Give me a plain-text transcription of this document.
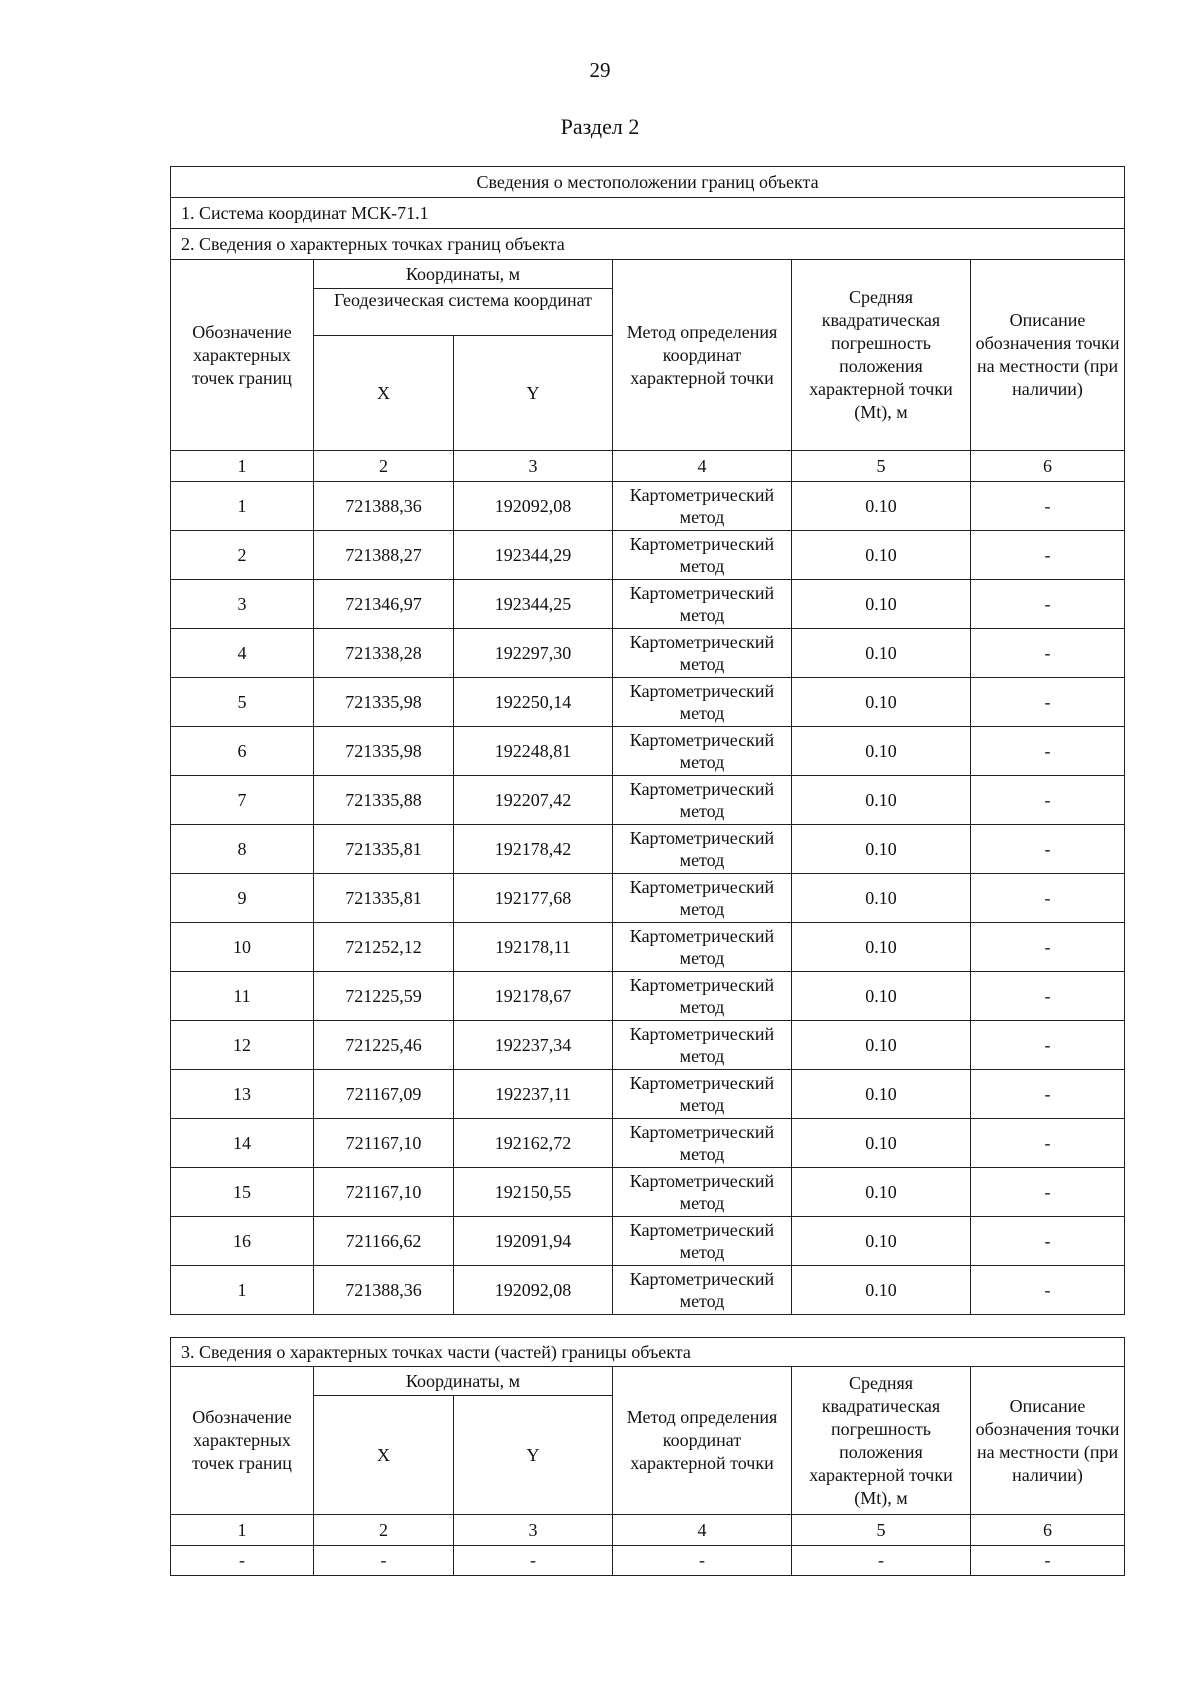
29
Раздел 2
Сведения о местоположении границ объекта					
1. Система координат МСК-71.1					
2. Сведения о характерных точках границ объекта					
Обозначение характерных точек границ	Координаты, м		Метод определения координат характерной точки	Средняя квадратическая погрешность положения характерной точки (Mt), м	Описание обозначения точки на местности (при наличии)
	Геодезическая система координат				
	X	Y			
1	2	3	4	5	6
1	721388,36	192092,08	Картометрический метод	0.10	-
2	721388,27	192344,29	Картометрический метод	0.10	-
3	721346,97	192344,25	Картометрический метод	0.10	-
4	721338,28	192297,30	Картометрический метод	0.10	-
5	721335,98	192250,14	Картометрический метод	0.10	-
6	721335,98	192248,81	Картометрический метод	0.10	-
7	721335,88	192207,42	Картометрический метод	0.10	-
8	721335,81	192178,42	Картометрический метод	0.10	-
9	721335,81	192177,68	Картометрический метод	0.10	-
10	721252,12	192178,11	Картометрический метод	0.10	-
11	721225,59	192178,67	Картометрический метод	0.10	-
12	721225,46	192237,34	Картометрический метод	0.10	-
13	721167,09	192237,11	Картометрический метод	0.10	-
14	721167,10	192162,72	Картометрический метод	0.10	-
15	721167,10	192150,55	Картометрический метод	0.10	-
16	721166,62	192091,94	Картометрический метод	0.10	-
1	721388,36	192092,08	Картометрический метод	0.10	-
3. Сведения о характерных точках части (частей) границы объекта					
Обозначение характерных точек границ	Координаты, м		Метод определения координат характерной точки	Средняя квадратическая погрешность положения характерной точки (Mt), м	Описание обозначения точки на местности (при наличии)
	X	Y			
1	2	3	4	5	6
-	-	-	-	-	-
